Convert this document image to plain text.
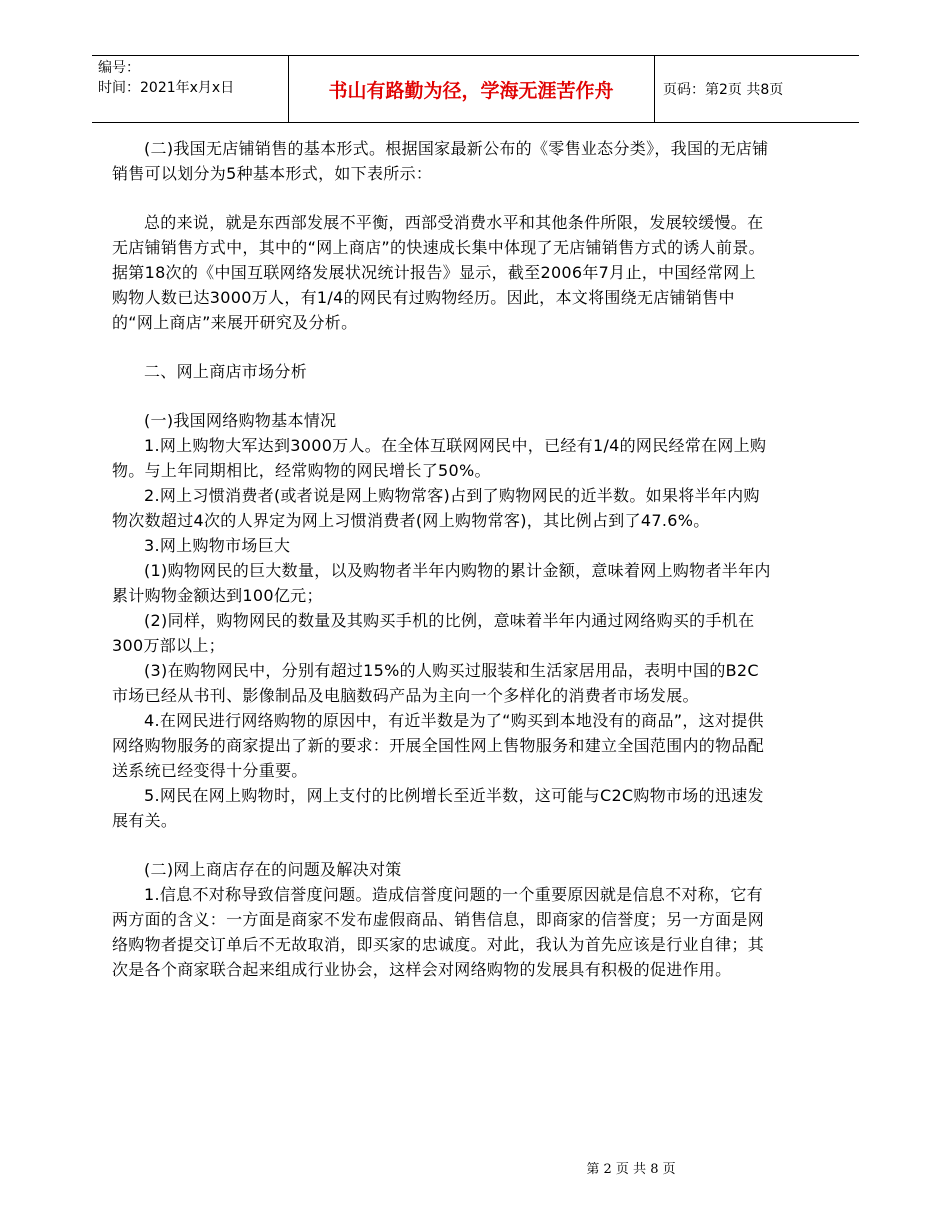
编号：
时间：2021年x月x日	书山有路勤为径，学海无涯苦作舟	页码：第2页 共8页

(二)我国无店铺销售的基本形式。根据国家最新公布的《零售业态分类》，我国的无店铺销售可以划分为5种基本形式，如下表所示：

总的来说，就是东西部发展不平衡，西部受消费水平和其他条件所限，发展较缓慢。在无店铺销售方式中，其中的“网上商店”的快速成长集中体现了无店铺销售方式的诱人前景。据第18次的《中国互联网络发展状况统计报告》显示，截至2006年7月止，中国经常网上购物人数已达3000万人，有1/4的网民有过购物经历。因此，本文将围绕无店铺销售中的“网上商店”来展开研究及分析。

二、网上商店市场分析

(一)我国网络购物基本情况

1.网上购物大军达到3000万人。在全体互联网网民中，已经有1/4的网民经常在网上购物。与上年同期相比，经常购物的网民增长了50%。

2.网上习惯消费者(或者说是网上购物常客)占到了购物网民的近半数。如果将半年内购物次数超过4次的人界定为网上习惯消费者(网上购物常客)，其比例占到了47.6%。

3.网上购物市场巨大

(1)购物网民的巨大数量，以及购物者半年内购物的累计金额，意味着网上购物者半年内累计购物金额达到100亿元；

(2)同样，购物网民的数量及其购买手机的比例，意味着半年内通过网络购买的手机在300万部以上；

(3)在购物网民中，分别有超过15%的人购买过服装和生活家居用品，表明中国的B2C市场已经从书刊、影像制品及电脑数码产品为主向一个多样化的消费者市场发展。

4.在网民进行网络购物的原因中，有近半数是为了“购买到本地没有的商品”，这对提供网络购物服务的商家提出了新的要求：开展全国性网上售物服务和建立全国范围内的物品配送系统已经变得十分重要。

5.网民在网上购物时，网上支付的比例增长至近半数，这可能与C2C购物市场的迅速发展有关。

(二)网上商店存在的问题及解决对策

1.信息不对称导致信誉度问题。造成信誉度问题的一个重要原因就是信息不对称，它有两方面的含义：一方面是商家不发布虚假商品、销售信息，即商家的信誉度；另一方面是网络购物者提交订单后不无故取消，即买家的忠诚度。对此，我认为首先应该是行业自律；其次是各个商家联合起来组成行业协会，这样会对网络购物的发展具有积极的促进作用。

第 2 页 共 8 页
